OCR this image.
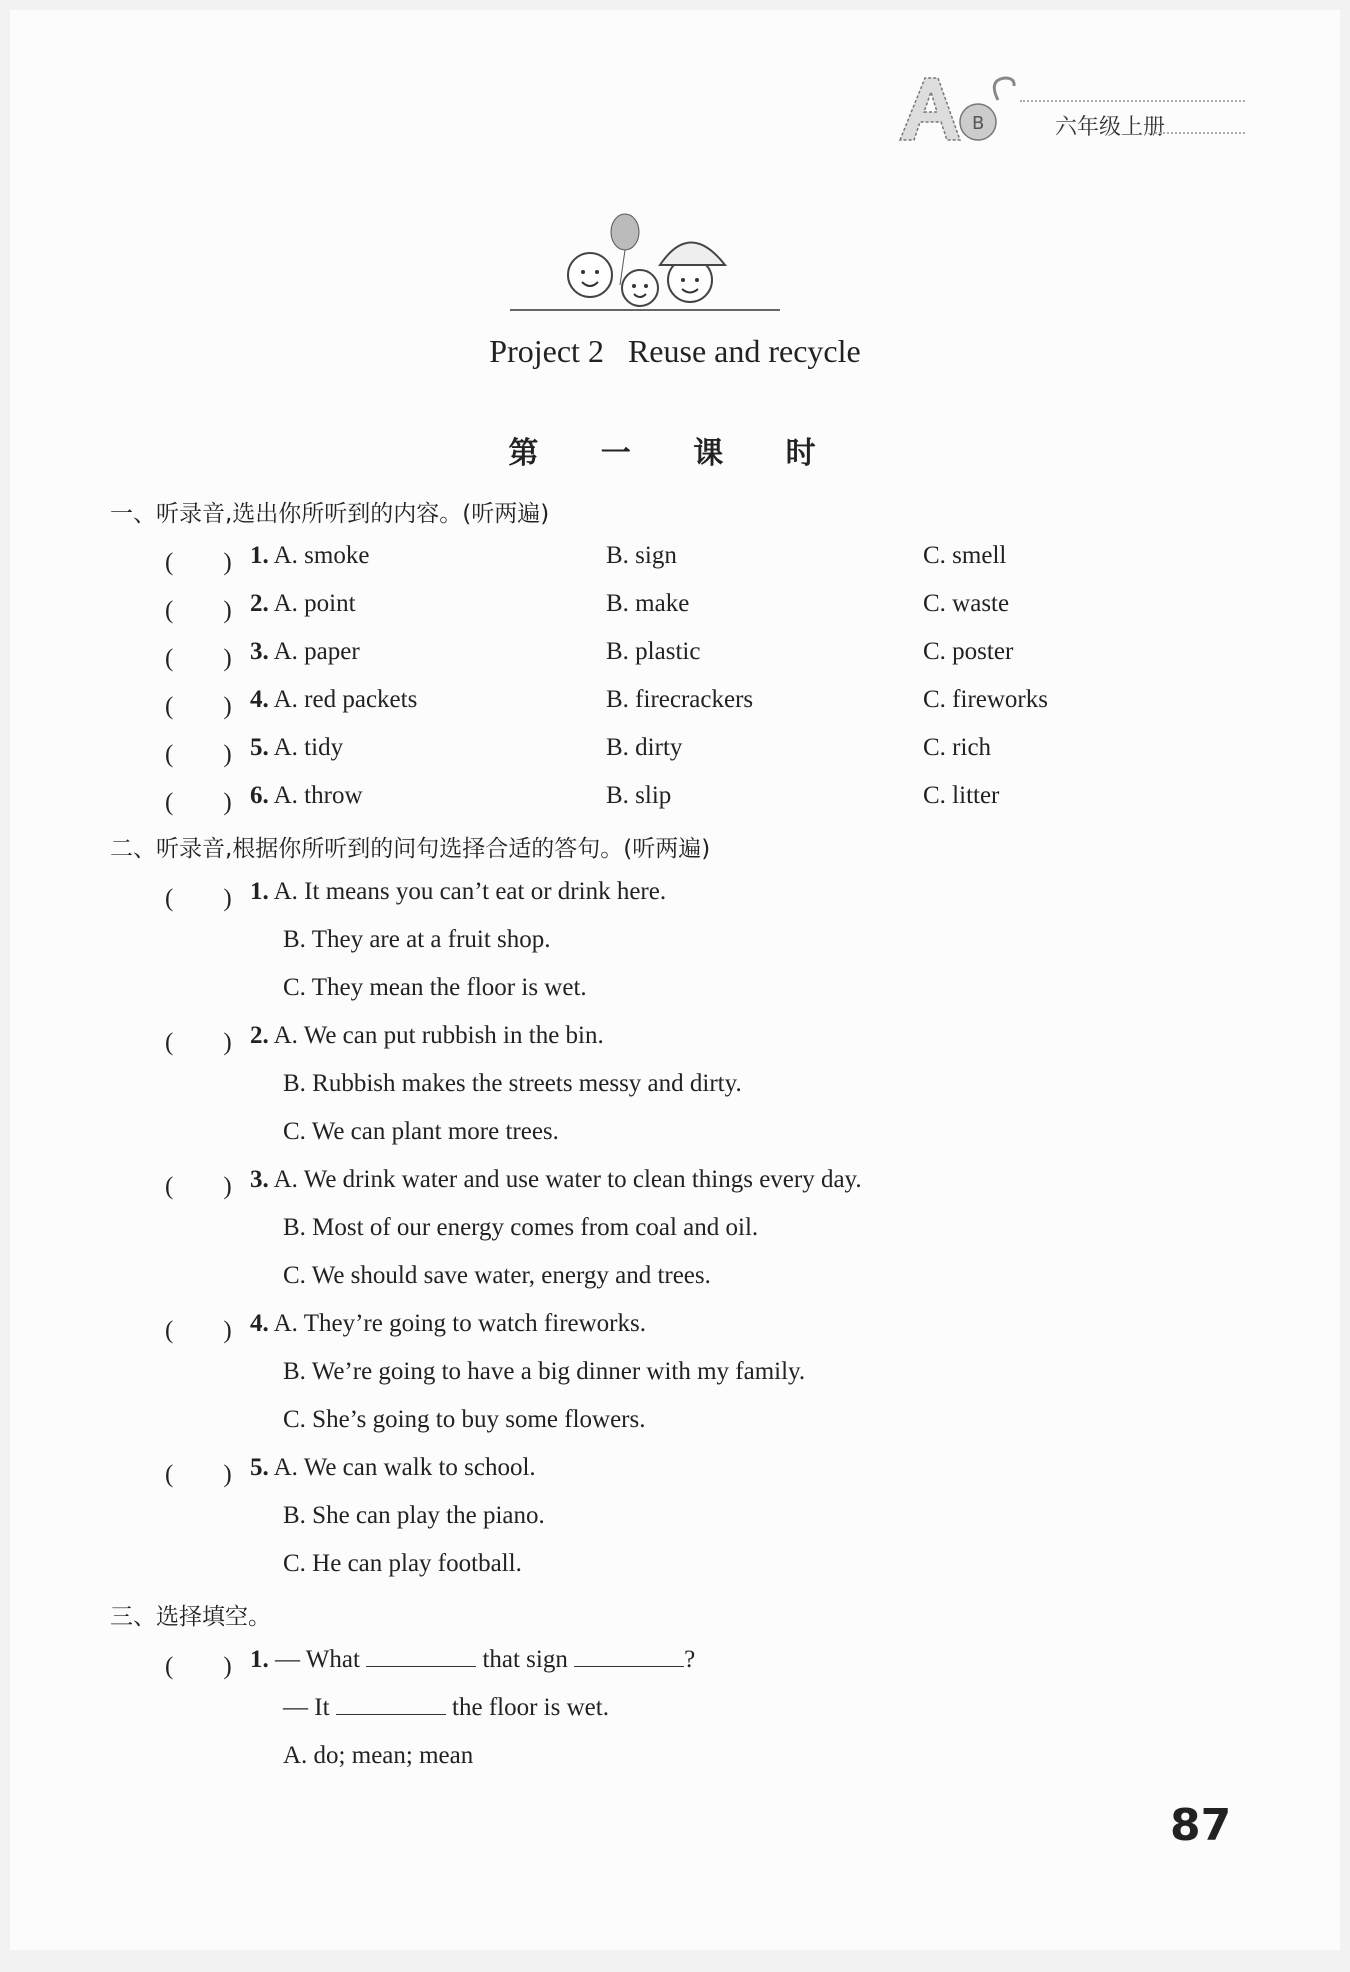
B	六年级上册
Project 2 Reuse and recycle
第 一 课 时
一、听录音,选出你所听到的内容。(听两遍)
(　　) 1. A. smoke	B. sign	C. smell
(　　) 2. A. point	B. make	C. waste
(　　) 3. A. paper	B. plastic	C. poster
(　　) 4. A. red packets	B. firecrackers	C. fireworks
(　　) 5. A. tidy	B. dirty	C. rich
(　　) 6. A. throw	B. slip	C. litter
二、听录音,根据你所听到的问句选择合适的答句。(听两遍)
(　　) 1. A. It means you can’t eat or drink here.
B. They are at a fruit shop.
C. They mean the floor is wet.
(　　) 2. A. We can put rubbish in the bin.
B. Rubbish makes the streets messy and dirty.
C. We can plant more trees.
(　　) 3. A. We drink water and use water to clean things every day.
B. Most of our energy comes from coal and oil.
C. We should save water, energy and trees.
(　　) 4. A. They’re going to watch fireworks.
B. We’re going to have a big dinner with my family.
C. She’s going to buy some flowers.
(　　) 5. A. We can walk to school.
B. She can play the piano.
C. He can play football.
三、选择填空。
(　　) 1. — What	that sign	?
— It	the floor is wet.
A. do; mean; mean
87
